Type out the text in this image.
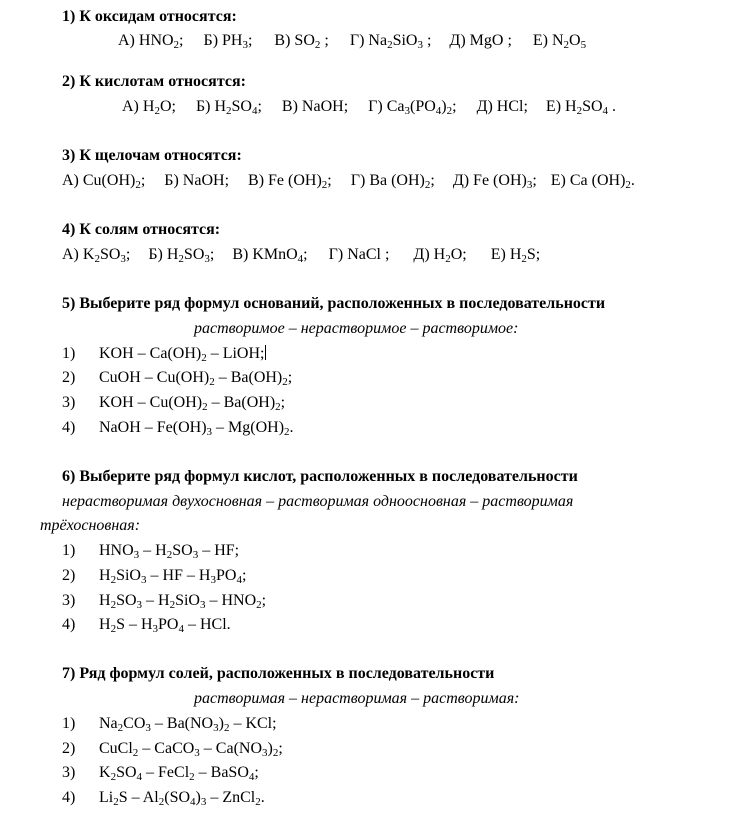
1) К оксидам относятся:
А) $HNO_2$; Б) $PH_3$; В) $SO_2$ ; Г) $Na_2SiO_3$ ; Д) MgO ; Е) $N_2O_5$
2) К кислотам относятся:
А) $H_2O$; Б) $H_2SO_4$; В) NaOH; Г) $Ca_3(PO_4)_2$; Д) HCl; Е) $H_2SO_4$ .
3) К щелочам относятся:
А) $Cu(OH)_2$; Б) NaOH; В) Fe $(OH)_2$; Г) Ba $(OH)_2$; Д) Fe $(OH)_3$; Е) Ca $(OH)_2$.
4) К солям относятся:
А) $K_2SO_3$; Б) $H_2SO_3$; В) KMnO$_4$; Г) NaCl ; Д) $H_2O$; Е) $H_2S$;
5) Выберите ряд формул оснований, расположенных в последовательности
растворимое – нерастворимое – растворимое:
1) KOH – $Ca(OH)_2$ – LiOH;
2) CuOH – $Cu(OH)_2 - Ba(OH)_2$;
3) KOH – $Cu(OH)_2 - Ba(OH)_2$;
4) NaOH – $Fe(OH)_3 - Mg(OH)_2$.
6) Выберите ряд формул кислот, расположенных в последовательности
нерастворимая двухосновная – растворимая одноосновная – растворимая
трёхосновная:
1) $HNO_3 - H_2SO_3$ – HF;
2) $H_2SiO_3$ – HF – $H_3PO_4$;
3) $H_2SO_3 - H_2SiO_3 - HNO_2$;
4) $H_2S - H_3PO_4$ – HCl.
7) Ряд формул солей, расположенных в последовательности
растворимая – нерастворимая – растворимая:
1) $Na_2CO_3 - Ba(NO_3)_2$ – KCl;
2) CuCl$_2$ – CaCO$_3$ – $Ca(NO_3)_2$;
3) $K_2SO_4$ – FeCl$_2$ – BaSO$_4$;
4) $Li_2S - Al_2(SO_4)_3$ – ZnCl$_2$.
